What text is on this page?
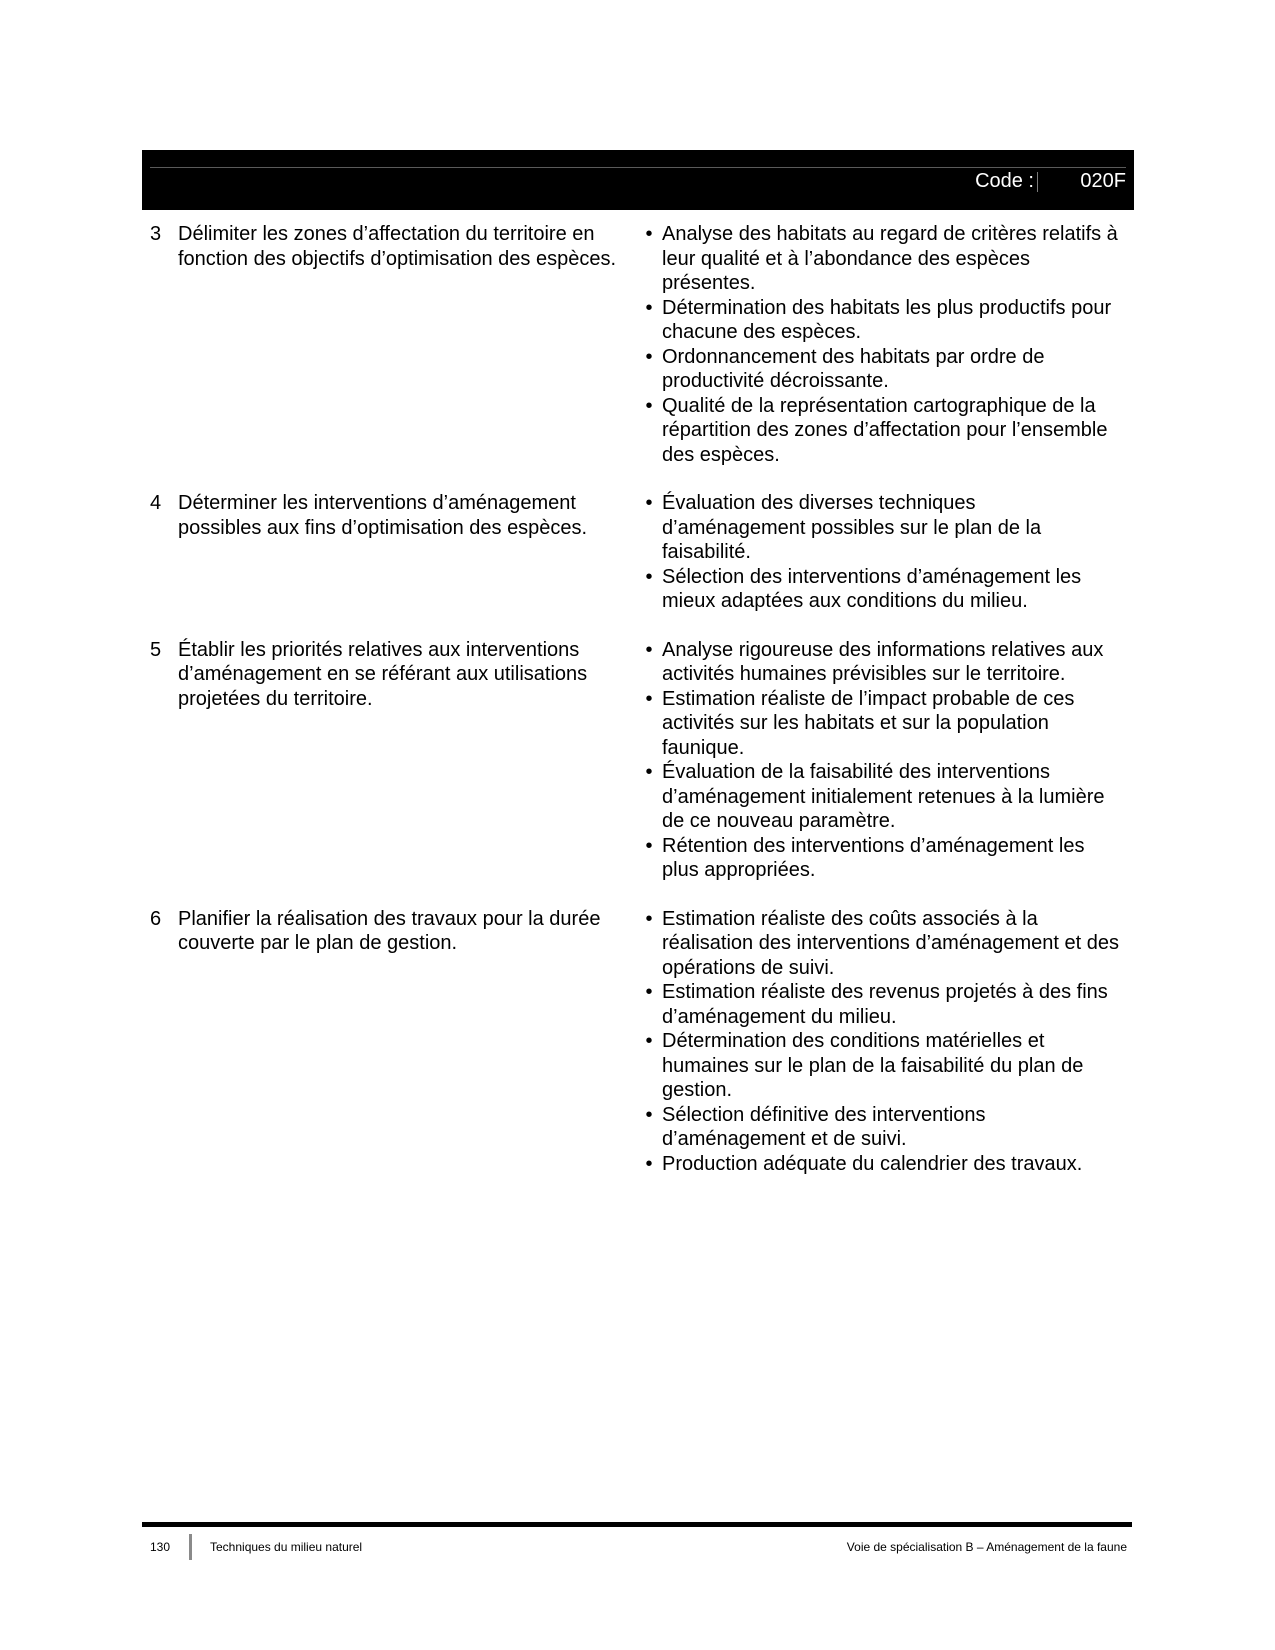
Code : 020F
3 Délimiter les zones d’affectation du territoire en fonction des objectifs d’optimisation des espèces.
• Analyse des habitats au regard de critères relatifs à leur qualité et à l’abondance des espèces présentes.
• Détermination des habitats les plus productifs pour chacune des espèces.
• Ordonnancement des habitats par ordre de productivité décroissante.
• Qualité de la représentation cartographique de la répartition des zones d’affectation pour l’ensemble des espèces.
4 Déterminer les interventions d’aménagement possibles aux fins d’optimisation des espèces.
• Évaluation des diverses techniques d’aménagement possibles sur le plan de la faisabilité.
• Sélection des interventions d’aménagement les mieux adaptées aux conditions du milieu.
5 Établir les priorités relatives aux interventions d’aménagement en se référant aux utilisations projetées du territoire.
• Analyse rigoureuse des informations relatives aux activités humaines prévisibles sur le territoire.
• Estimation réaliste de l’impact probable de ces activités sur les habitats et sur la population faunique.
• Évaluation de la faisabilité des interventions d’aménagement initialement retenues à la lumière de ce nouveau paramètre.
• Rétention des interventions d’aménagement les plus appropriées.
6 Planifier la réalisation des travaux pour la durée couverte par le plan de gestion.
• Estimation réaliste des coûts associés à la réalisation des interventions d’aménagement et des opérations de suivi.
• Estimation réaliste des revenus projetés à des fins d’aménagement du milieu.
• Détermination des conditions matérielles et humaines sur le plan de la faisabilité du plan de gestion.
• Sélection définitive des interventions d’aménagement et de suivi.
• Production adéquate du calendrier des travaux.
130	Techniques du milieu naturel	Voie de spécialisation B – Aménagement de la faune
